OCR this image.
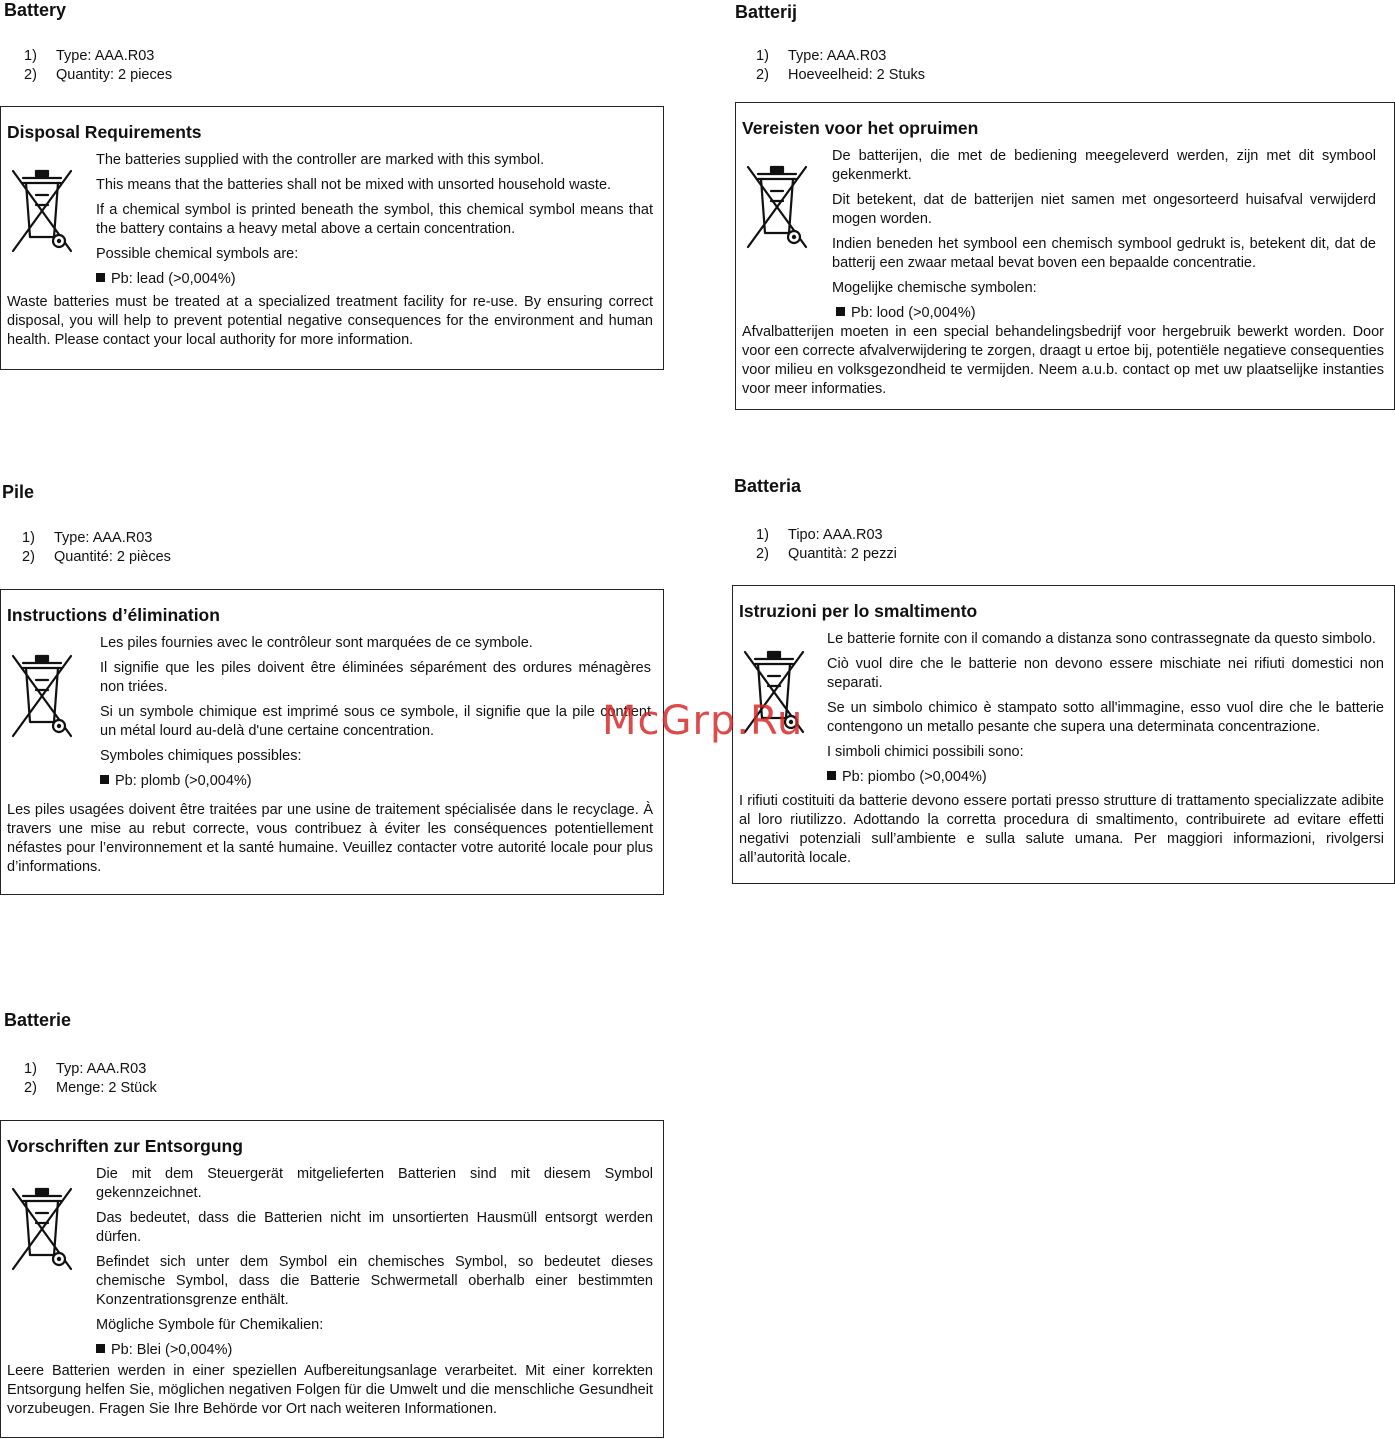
Battery
1) Type: AAA.R03
2) Quantity: 2 pieces
Disposal Requirements

The batteries supplied with the controller are marked with this symbol.

This means that the batteries shall not be mixed with unsorted household waste.

If a chemical symbol is printed beneath the symbol, this chemical symbol means that the battery contains a heavy metal above a certain concentration.

Possible chemical symbols are:

Pb: lead (>0,004%)

Waste batteries must be treated at a specialized treatment facility for re-use. By ensuring correct disposal, you will help to prevent potential negative consequences for the environment and human health. Please contact your local authority for more information.

Batterij
1) Type: AAA.R03
2) Hoeveelheid: 2 Stuks
Vereisten voor het opruimen

De batterijen, die met de bediening meegeleverd werden, zijn met dit symbool gekenmerkt.

Dit betekent, dat de batterijen niet samen met ongesorteerd huisafval verwijderd mogen worden.

Indien beneden het symbool een chemisch symbool gedrukt is, betekent dit, dat de batterij een zwaar metaal bevat boven een bepaalde concentratie.

Mogelijke chemische symbolen:

Pb: lood (>0,004%)

Afvalbatterijen moeten in een special behandelingsbedrijf voor hergebruik bewerkt worden. Door voor een correcte afvalverwijdering te zorgen, draagt u ertoe bij, potentiële negatieve consequenties voor milieu en volksgezondheid te vermijden. Neem a.u.b. contact op met uw plaatselijke instanties voor meer informaties.

Pile
1) Type: AAA.R03
2) Quantité: 2 pièces
Instructions d’élimination

Les piles fournies avec le contrôleur sont marquées de ce symbole.

Il signifie que les piles doivent être éliminées séparément des ordures ménagères non triées.

Si un symbole chimique est imprimé sous ce symbole, il signifie que la pile contient un métal lourd au-delà d'une certaine concentration.

Symboles chimiques possibles:

Pb: plomb (>0,004%)

Les piles usagées doivent être traitées par une usine de traitement spécialisée dans le recyclage. À travers une mise au rebut correcte, vous contribuez à éviter les conséquences potentiellement néfastes pour l’environnement et la santé humaine. Veuillez contacter votre autorité locale pour plus d’informations.

Batteria
1) Tipo: AAA.R03
2) Quantità: 2 pezzi
Istruzioni per lo smaltimento

Le batterie fornite con il comando a distanza sono contrassegnate da questo simbolo.

Ciò vuol dire che le batterie non devono essere mischiate nei rifiuti domestici non separati.

Se un simbolo chimico è stampato sotto all'immagine, esso vuol dire che le batterie contengono un metallo pesante che supera una determinata concentrazione.

I simboli chimici possibili sono:

Pb: piombo (>0,004%)

I rifiuti costituiti da batterie devono essere portati presso strutture di trattamento specializzate adibite al loro riutilizzo. Adottando la corretta procedura di smaltimento, contribuirete ad evitare effetti negativi potenziali sull’ambiente e sulla salute umana. Per maggiori informazioni, rivolgersi all’autorità locale.

Batterie
1) Typ: AAA.R03
2) Menge: 2 Stück
Vorschriften zur Entsorgung

Die mit dem Steuergerät mitgelieferten Batterien sind mit diesem Symbol gekennzeichnet.

Das bedeutet, dass die Batterien nicht im unsortierten Hausmüll entsorgt werden dürfen.

Befindet sich unter dem Symbol ein chemisches Symbol, so bedeutet dieses chemische Symbol, dass die Batterie Schwermetall oberhalb einer bestimmten Konzentrationsgrenze enthält.

Mögliche Symbole für Chemikalien:

Pb: Blei (>0,004%)

Leere Batterien werden in einer speziellen Aufbereitungsanlage verarbeitet. Mit einer korrekten Entsorgung helfen Sie, möglichen negativen Folgen für die Umwelt und die menschliche Gesundheit vorzubeugen. Fragen Sie Ihre Behörde vor Ort nach weiteren Informationen.

McGrp.Ru
